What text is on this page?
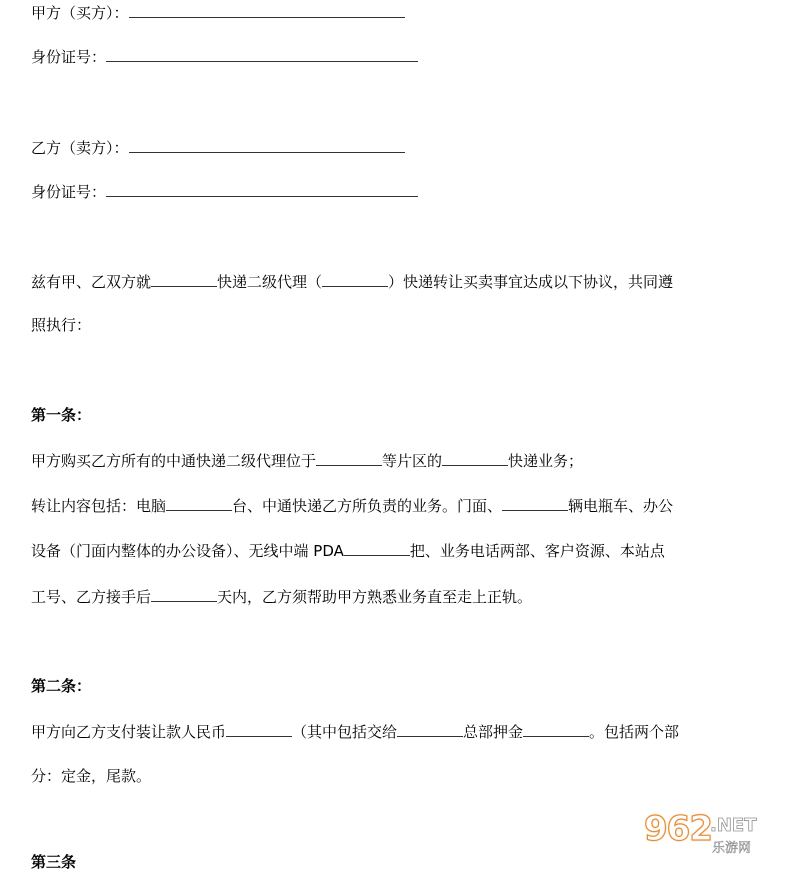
甲方（买方）：
身份证号：
乙方（卖方）：
身份证号：
兹有甲、乙双方就	快递二级代理（	）快递转让买卖事宜达成以下协议，共同遵
照执行：
第一条：
甲方购买乙方所有的中通快递二级代理位于	等片区的	快递业务；
转让内容包括：电脑	台、中通快递乙方所负责的业务。门面、	辆电瓶车、办公
设备（门面内整体的办公设备）、无线中端 PDA	把、业务电话两部、客户资源、本站点
工号、乙方接手后	天内，乙方须帮助甲方熟悉业务直至走上正轨。
第二条：
甲方向乙方支付装让款人民币	（其中包括交给	总部押金	。包括两个部
分：定金，尾款。
第三条
962
.NET
乐游网
